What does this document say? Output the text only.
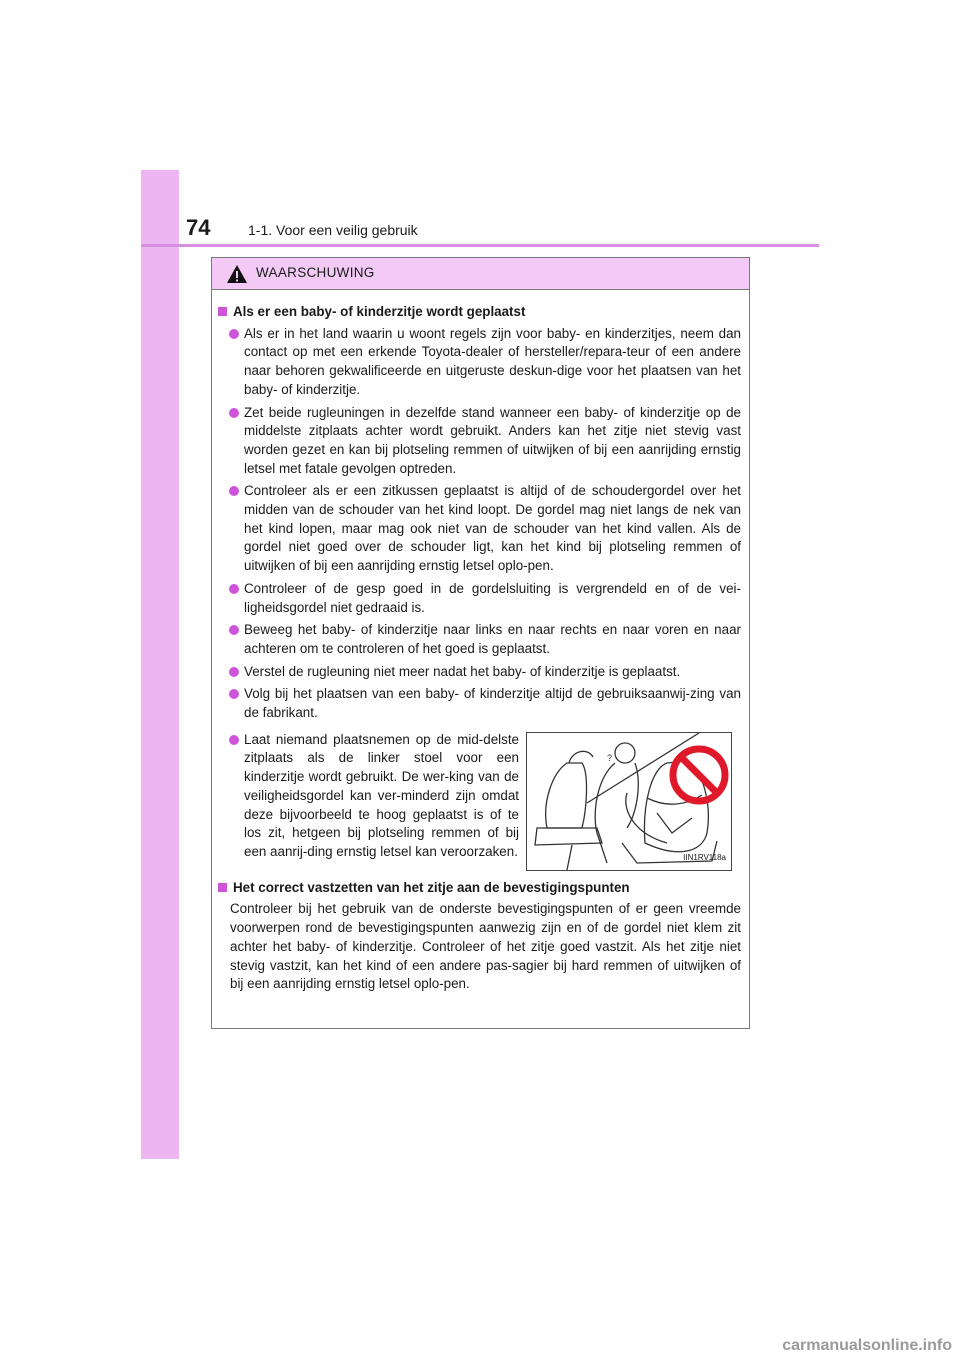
74	1-1. Voor een veilig gebruik
WAARSCHUWING
Als er een baby- of kinderzitje wordt geplaatst
Als er in het land waarin u woont regels zijn voor baby- en kinderzitjes, neem dan contact op met een erkende Toyota-dealer of hersteller/repara-teur of een andere naar behoren gekwalificeerde en uitgeruste deskun-dige voor het plaatsen van het baby- of kinderzitje.
Zet beide rugleuningen in dezelfde stand wanneer een baby- of kinderzitje op de middelste zitplaats achter wordt gebruikt. Anders kan het zitje niet stevig vast worden gezet en kan bij plotseling remmen of uitwijken of bij een aanrijding ernstig letsel met fatale gevolgen optreden.
Controleer als er een zitkussen geplaatst is altijd of de schoudergordel over het midden van de schouder van het kind loopt. De gordel mag niet langs de nek van het kind lopen, maar mag ook niet van de schouder van het kind vallen. Als de gordel niet goed over de schouder ligt, kan het kind bij plotseling remmen of uitwijken of bij een aanrijding ernstig letsel oplo-pen.
Controleer of de gesp goed in de gordelsluiting is vergrendeld en of de vei-ligheidsgordel niet gedraaid is.
Beweeg het baby- of kinderzitje naar links en naar rechts en naar voren en naar achteren om te controleren of het goed is geplaatst.
Verstel de rugleuning niet meer nadat het baby- of kinderzitje is geplaatst.
Volg bij het plaatsen van een baby- of kinderzitje altijd de gebruiksaanwij-zing van de fabrikant.
Laat niemand plaatsnemen op de mid-delste zitplaats als de linker stoel voor een kinderzitje wordt gebruikt. De wer-king van de veiligheidsgordel kan ver-minderd zijn omdat deze bijvoorbeeld te hoog geplaatst is of te los zit, hetgeen bij plotseling remmen of bij een aanrij-ding ernstig letsel kan veroorzaken.
?
IIN1RV118a
Het correct vastzetten van het zitje aan de bevestigingspunten
Controleer bij het gebruik van de onderste bevestigingspunten of er geen vreemde voorwerpen rond de bevestigingspunten aanwezig zijn en of de gordel niet klem zit achter het baby- of kinderzitje. Controleer of het zitje goed vastzit. Als het zitje niet stevig vastzit, kan het kind of een andere pas-sagier bij hard remmen of uitwijken of bij een aanrijding ernstig letsel oplo-pen.
carmanualsonline.info
